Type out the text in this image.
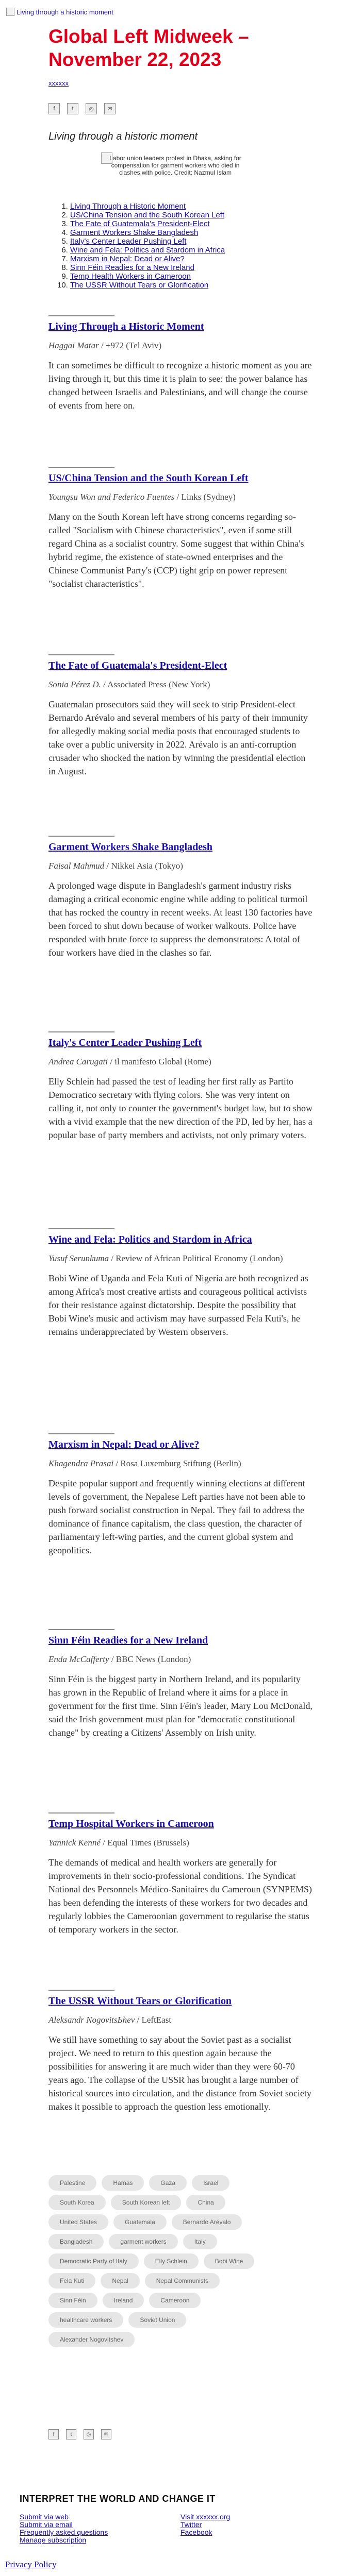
Living through a historic moment
Global Left Midweek – November 22, 2023
xxxxxx
f	t	◎	✉
Living through a historic moment
Labor union leaders protest in Dhaka, asking for compensation for garment workers who died in clashes with police. Credit: Nazmul Islam
1. Living Through a Historic Moment
2. US/China Tension and the South Korean Left
3. The Fate of Guatemala's President-Elect
4. Garment Workers Shake Bangladesh
5. Italy's Center Leader Pushing Left
6. Wine and Fela: Politics and Stardom in Africa
7. Marxism in Nepal: Dead or Alive?
8. Sinn Féin Readies for a New Ireland
9. Temp Health Workers in Cameroon
10. The USSR Without Tears or Glorification
Living Through a Historic Moment

Haggai Matar / +972 (Tel Aviv)

It can sometimes be difficult to recognize a historic moment as you are living through it, but this time it is plain to see: the power balance has changed between Israelis and Palestinians, and will change the course of events from here on.

US/China Tension and the South Korean Left

Youngsu Won and Federico Fuentes / Links (Sydney)

Many on the South Korean left have strong concerns regarding so-called "Socialism with Chinese characteristics", even if some still regard China as a socialist country. Some suggest that within China's hybrid regime, the existence of state-owned enterprises and the Chinese Communist Party's (CCP) tight grip on power represent "socialist characteristics".

The Fate of Guatemala's President-Elect

Sonia Pérez D. / Associated Press (New York)

Guatemalan prosecutors said they will seek to strip President-elect Bernardo Arévalo and several members of his party of their immunity for allegedly making social media posts that encouraged students to take over a public university in 2022. Arévalo is an anti-corruption crusader who shocked the nation by winning the presidential election in August.

Garment Workers Shake Bangladesh

Faisal Mahmud / Nikkei Asia (Tokyo)

A prolonged wage dispute in Bangladesh's garment industry risks damaging a critical economic engine while adding to political turmoil that has rocked the country in recent weeks. At least 130 factories have been forced to shut down because of worker walkouts. Police have responded with brute force to suppress the demonstrators: A total of four workers have died in the clashes so far.

Italy's Center Leader Pushing Left

Andrea Carugati / il manifesto Global (Rome)

Elly Schlein had passed the test of leading her first rally as Partito Democratico secretary with flying colors. She was very intent on calling it, not only to counter the government's budget law, but to show with a vivid example that the new direction of the PD, led by her, has a popular base of party members and activists, not only primary voters.

Wine and Fela: Politics and Stardom in Africa

Yusuf Serunkuma / Review of African Political Economy (London)

Bobi Wine of Uganda and Fela Kuti of Nigeria are both recognized as among Africa's most creative artists and courageous political activists for their resistance against dictatorship. Despite the possibility that Bobi Wine's music and activism may have surpassed Fela Kuti's, he remains underappreciated by Western observers.

Marxism in Nepal: Dead or Alive?

Khagendra Prasai / Rosa Luxemburg Stiftung (Berlin)

Despite popular support and frequently winning elections at different levels of government, the Nepalese Left parties have not been able to push forward socialist construction in Nepal. They fail to address the dominance of finance capitalism, the class question, the character of parliamentary left-wing parties, and the current global system and geopolitics.

Sinn Féin Readies for a New Ireland

Enda McCafferty / BBC News (London)

Sinn Féin is the biggest party in Northern Ireland, and its popularity has grown in the Republic of Ireland where it aims for a place in government for the first time. Sinn Féin's leader, Mary Lou McDonald, said the Irish government must plan for "democratic constitutional change" by creating a Citizens' Assembly on Irish unity.

Temp Hospital Workers in Cameroon

Yannick Kenné / Equal Times (Brussels)

The demands of medical and health workers are generally for improvements in their socio-professional conditions. The Syndicat National des Personnels Médico-Sanitaires du Cameroun (SYNPEMS) has been defending the interests of these workers for two decades and regularly lobbies the Cameroonian government to regularise the status of temporary workers in the sector.

The USSR Without Tears or Glorification

Aleksandr NogovitsЬhev / LeftEast

We still have something to say about the Soviet past as a socialist project. We need to return to this question again because the possibilities for answering it are much wider than they were 60-70 years ago. The collapse of the USSR has brought a large number of historical sources into circulation, and the distance from Soviet society makes it possible to approach the question less emotionally.

Palestine	Hamas	Gaza	Israel
South Korea	South Korean left	China
United States	Guatemala	Bernardo Arévalo
Bangladesh	garment workers	Italy
Democratic Party of Italy	Elly Schlein	Bobi Wine
Fela Kuti	Nepal	Nepal Communists
Sinn Féin	Ireland	Cameroon
healthcare workers	Soviet Union
Alexander Nogovitshev
f	t	◎	✉
INTERPRET THE WORLD AND CHANGE IT
Submit via web	Visit xxxxxx.org
Submit via email	Twitter
Frequently asked questions	Facebook
Manage subscription
Privacy Policy
